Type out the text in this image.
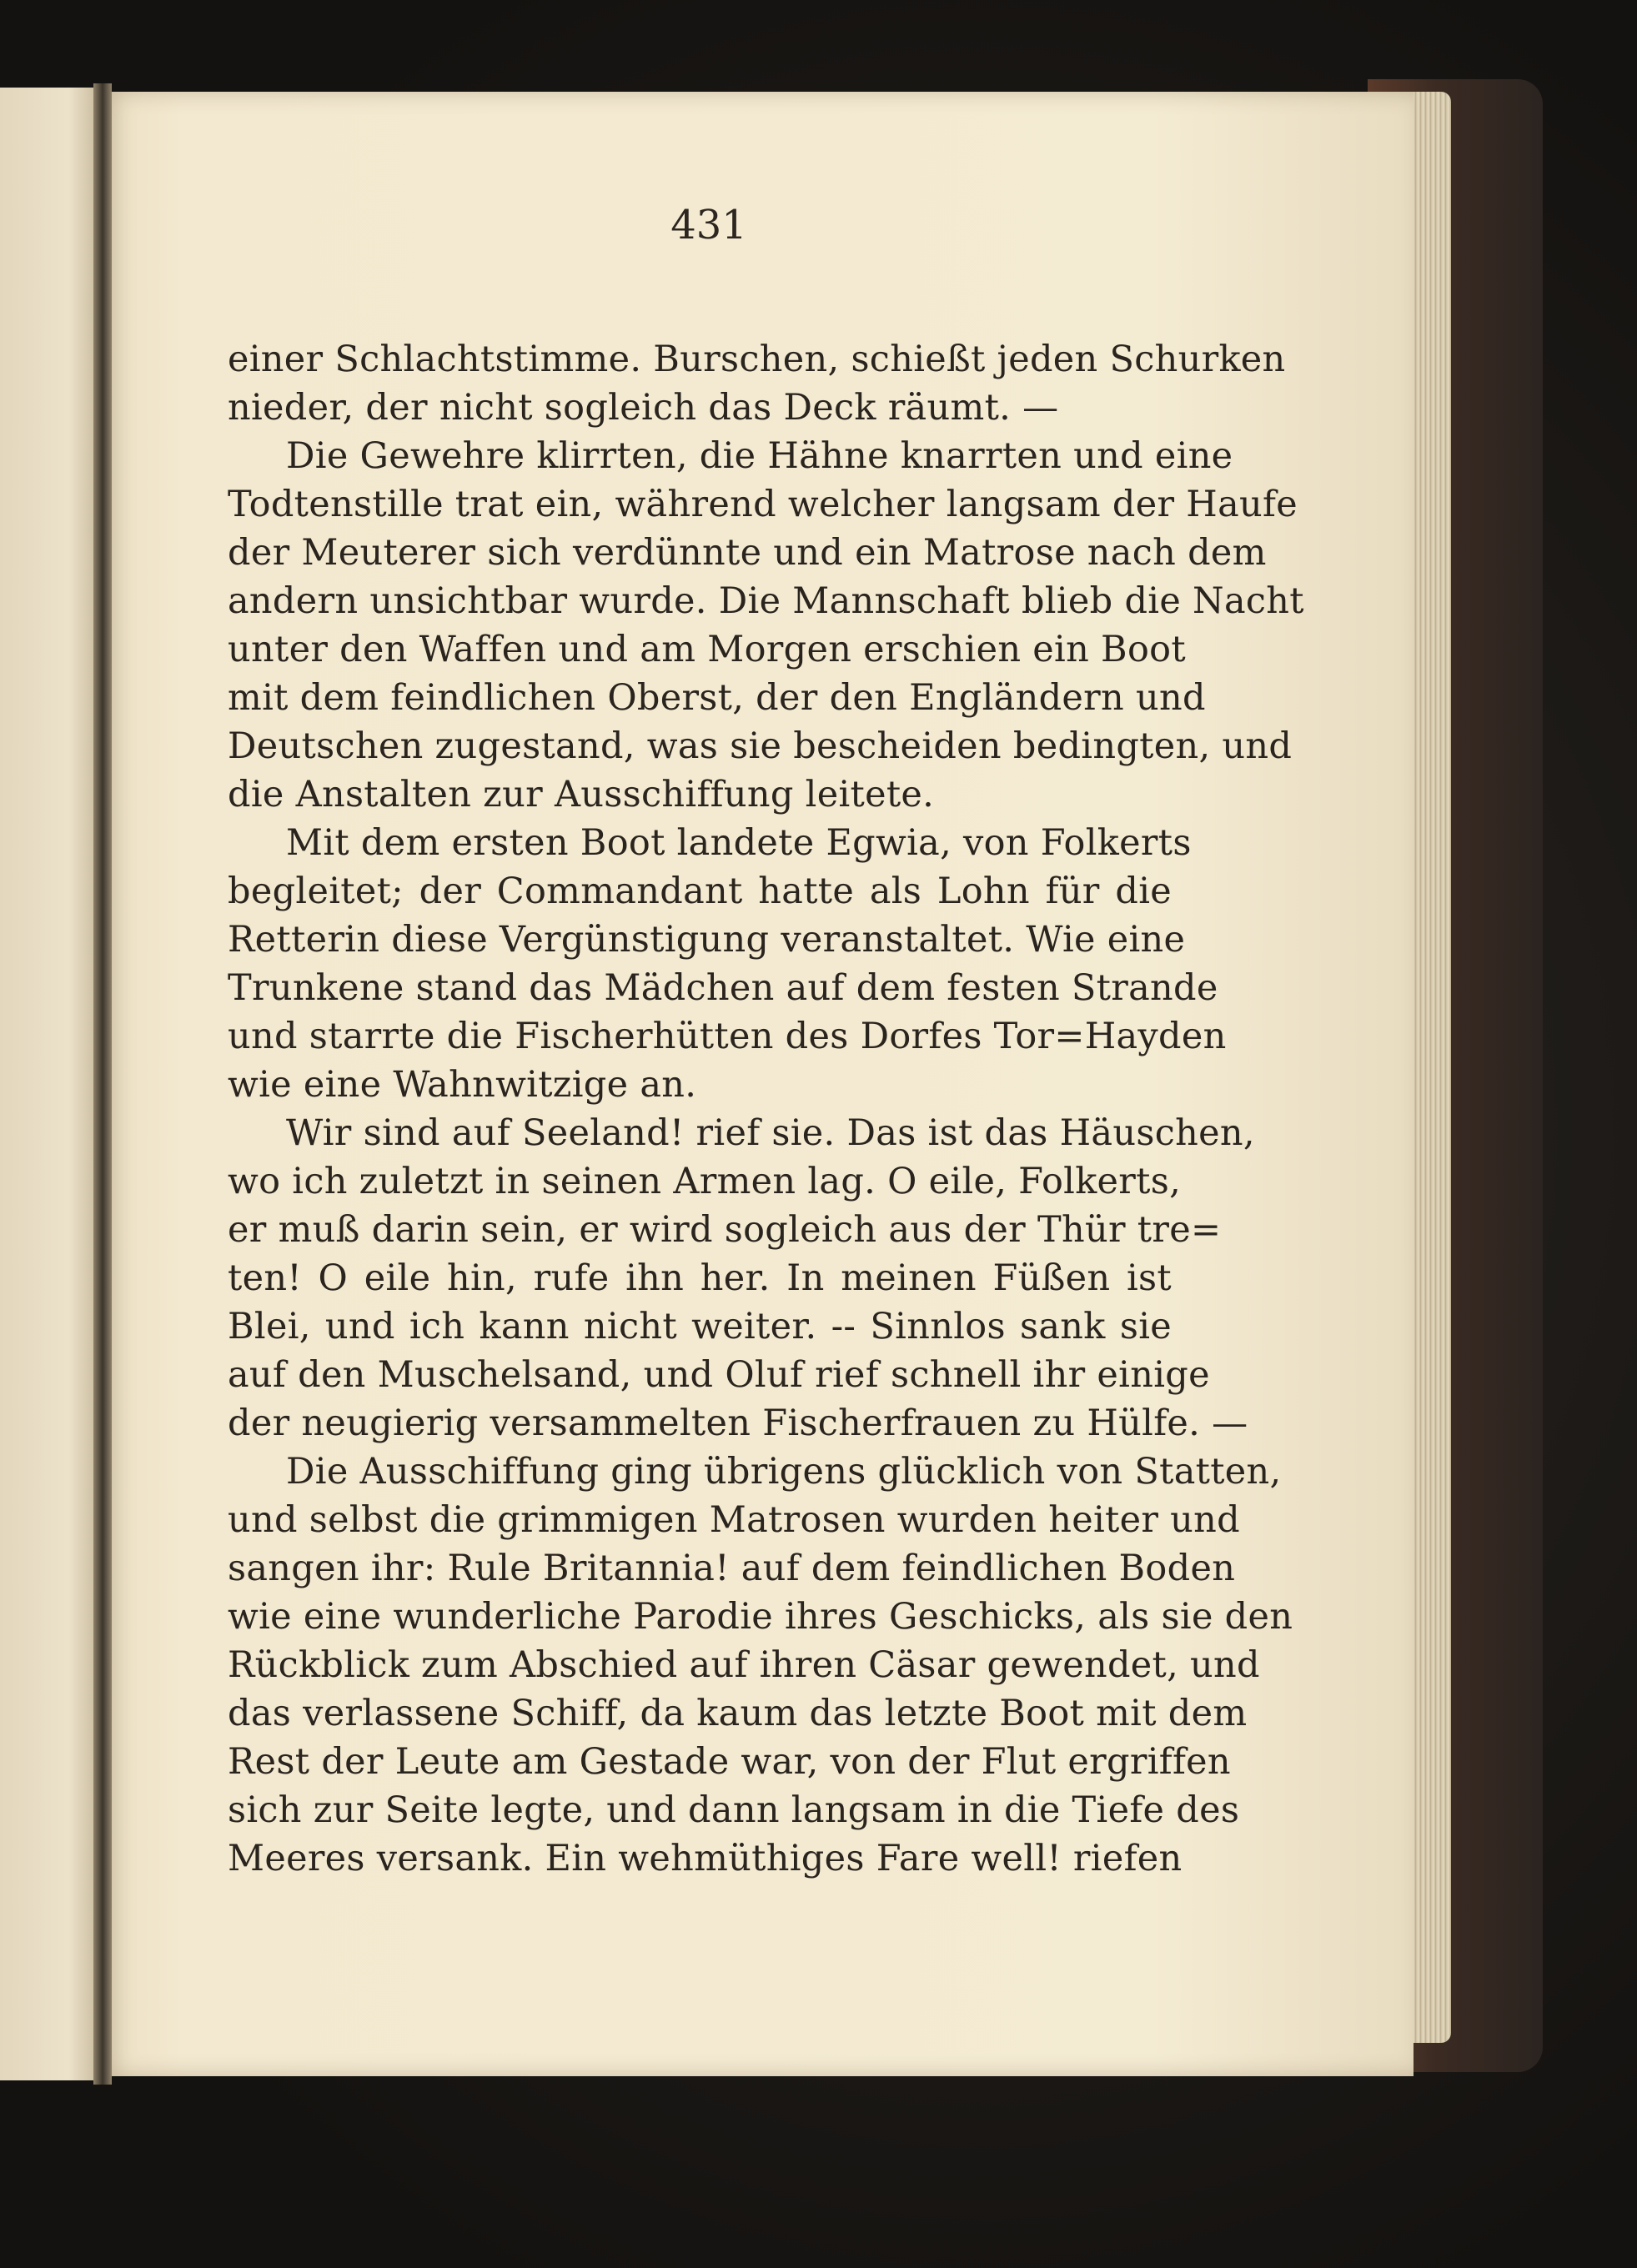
431
einer Schlachtstimme. Burschen, schießt jeden Schurken
nieder, der nicht sogleich das Deck räumt. —
Die Gewehre klirrten, die Hähne knarrten und eine
Todtenstille trat ein, während welcher langsam der Haufe
der Meuterer sich verdünnte und ein Matrose nach dem
andern unsichtbar wurde. Die Mannschaft blieb die Nacht
unter den Waffen und am Morgen erschien ein Boot
mit dem feindlichen Oberst, der den Engländern und
Deutschen zugestand, was sie bescheiden bedingten, und
die Anstalten zur Ausschiffung leitete.
Mit dem ersten Boot landete Egwia, von Folkerts
begleitet; der Commandant hatte als Lohn für die
Retterin diese Vergünstigung veranstaltet. Wie eine
Trunkene stand das Mädchen auf dem festen Strande
und starrte die Fischerhütten des Dorfes Tor=Hayden
wie eine Wahnwitzige an.
Wir sind auf Seeland! rief sie. Das ist das Häuschen,
wo ich zuletzt in seinen Armen lag. O eile, Folkerts,
er muß darin sein, er wird sogleich aus der Thür tre=
ten! O eile hin, rufe ihn her. In meinen Füßen ist
Blei, und ich kann nicht weiter. -- Sinnlos sank sie
auf den Muschelsand, und Oluf rief schnell ihr einige
der neugierig versammelten Fischerfrauen zu Hülfe. —
Die Ausschiffung ging übrigens glücklich von Statten,
und selbst die grimmigen Matrosen wurden heiter und
sangen ihr: Rule Britannia! auf dem feindlichen Boden
wie eine wunderliche Parodie ihres Geschicks, als sie den
Rückblick zum Abschied auf ihren Cäsar gewendet, und
das verlassene Schiff, da kaum das letzte Boot mit dem
Rest der Leute am Gestade war, von der Flut ergriffen
sich zur Seite legte, und dann langsam in die Tiefe des
Meeres versank. Ein wehmüthiges Fare well! riefen
